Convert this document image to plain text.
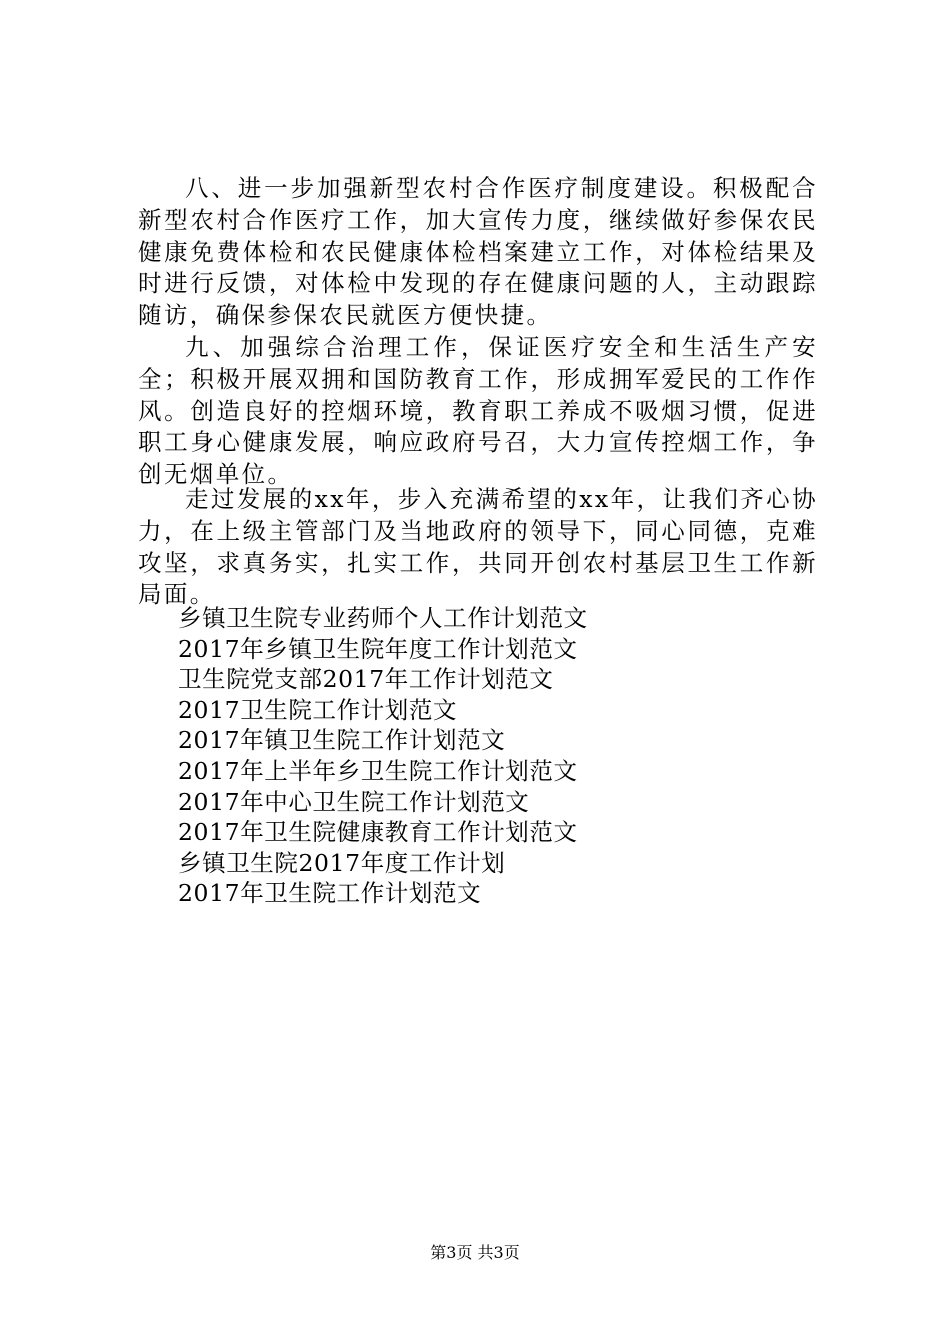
八、进一步加强新型农村合作医疗制度建设。积极配合新型农村合作医疗工作，加大宣传力度，继续做好参保农民健康免费体检和农民健康体检档案建立工作，对体检结果及时进行反馈，对体检中发现的存在健康问题的人，主动跟踪随访，确保参保农民就医方便快捷。

九、加强综合治理工作，保证医疗安全和生活生产安全；积极开展双拥和国防教育工作，形成拥军爱民的工作作风。创造良好的控烟环境，教育职工养成不吸烟习惯，促进职工身心健康发展，响应政府号召，大力宣传控烟工作，争创无烟单位。

走过发展的xx年，步入充满希望的xx年，让我们齐心协力，在上级主管部门及当地政府的领导下，同心同德，克难攻坚，求真务实，扎实工作，共同开创农村基层卫生工作新局面。

乡镇卫生院专业药师个人工作计划范文
2017年乡镇卫生院年度工作计划范文
卫生院党支部2017年工作计划范文
2017卫生院工作计划范文
2017年镇卫生院工作计划范文
2017年上半年乡卫生院工作计划范文
2017年中心卫生院工作计划范文
2017年卫生院健康教育工作计划范文
乡镇卫生院2017年度工作计划
2017年卫生院工作计划范文
第3页 共3页
